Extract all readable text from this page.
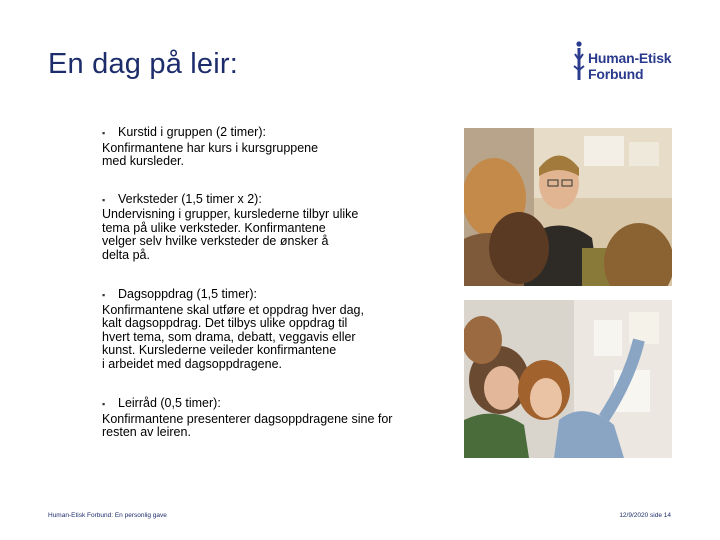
En dag på leir:	Human-Etisk
Forbund
▪	Kurstid i gruppen (2 timer):
Konfirmantene har kurs i kursgruppene
med kursleder.
▪	Verksteder (1,5 timer x 2):
Undervisning i grupper, kurslederne tilbyr ulike
tema på ulike verksteder. Konfirmantene
velger selv hvilke verksteder de ønsker å
delta på.
▪	Dagsoppdrag (1,5 timer):
Konfirmantene skal utføre et oppdrag hver dag,
kalt dagsoppdrag. Det tilbys ulike oppdrag til
hvert tema, som drama, debatt, veggavis eller
kunst. Kurslederne veileder konfirmantene
i arbeidet med dagsoppdragene.
▪	Leirråd (0,5 timer):
Konfirmantene presenterer dagsoppdragene sine for
resten av leiren.
Human-Etisk Forbund: En personlig gave	12/9/2020 side 14
